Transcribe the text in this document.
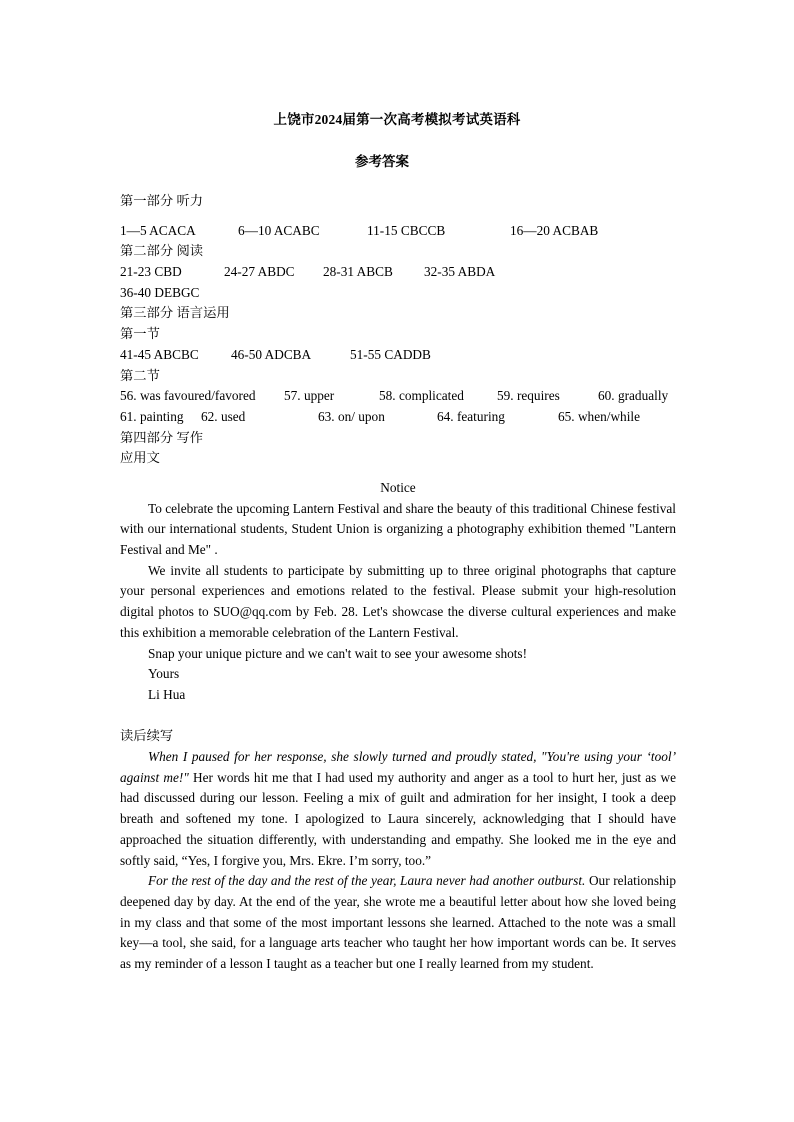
上饶市2024届第一次高考模拟考试英语科
参考答案
第一部分 听力
1—5 ACACA	6—10 ACABC	11-15 CBCCB	16—20 ACBAB
第二部分 阅读
21-23 CBD	24-27 ABDC	28-31 ABCB	32-35 ABDA
36-40 DEBGC
第三部分 语言运用
第一节
41-45 ABCBC	46-50 ADCBA	51-55 CADDB
第二节
56. was favoured/favored	57. upper	58. complicated	59. requires	60. gradually
61. painting	62. used	63. on/ upon	64. featuring	65. when/while
第四部分 写作
应用文
Notice
To celebrate the upcoming Lantern Festival and share the beauty of this traditional Chinese festival with our international students, Student Union is organizing a photography exhibition themed "Lantern Festival and Me" .
We invite all students to participate by submitting up to three original photographs that capture your personal experiences and emotions related to the festival. Please submit your high-resolution digital photos to SUO@qq.com by Feb. 28. Let's showcase the diverse cultural experiences and make this exhibition a memorable celebration of the Lantern Festival.
Snap your unique picture and we can't wait to see your awesome shots!
Yours
Li Hua
读后续写
When I paused for her response, she slowly turned and proudly stated, "You're using your ‘tool’ against me!" Her words hit me that I had used my authority and anger as a tool to hurt her, just as we had discussed during our lesson. Feeling a mix of guilt and admiration for her insight, I took a deep breath and softened my tone. I apologized to Laura sincerely, acknowledging that I should have approached the situation differently, with understanding and empathy. She looked me in the eye and softly said, “Yes, I forgive you, Mrs. Ekre. I’m sorry, too.”
For the rest of the day and the rest of the year, Laura never had another outburst. Our relationship deepened day by day. At the end of the year, she wrote me a beautiful letter about how she loved being in my class and that some of the most important lessons she learned. Attached to the note was a small key—a tool, she said, for a language arts teacher who taught her how important words can be. It serves as my reminder of a lesson I taught as a teacher but one I really learned from my student.
